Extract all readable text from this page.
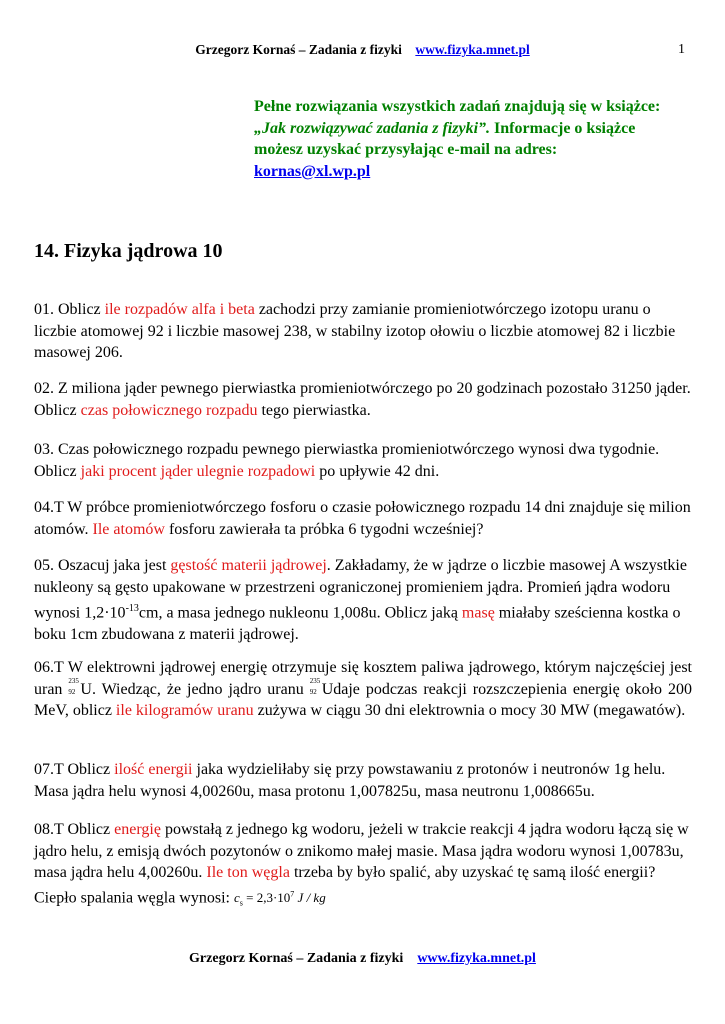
Grzegorz Kornaś – Zadania z fizyki www.fizyka.mnet.pl	1
Pełne rozwiązania wszystkich zadań znajdują się w książce:
„Jak rozwiązywać zadania z fizyki”. Informacje o książce
możesz uzyskać przysyłając e-mail na adres:
kornas@xl.wp.pl
14. Fizyka jądrowa 10
01. Oblicz ile rozpadów alfa i beta zachodzi przy zamianie promieniotwórczego izotopu uranu o liczbie atomowej 92 i liczbie masowej 238, w stabilny izotop ołowiu o liczbie atomowej 82 i liczbie masowej 206.
02. Z miliona jąder pewnego pierwiastka promieniotwórczego po 20 godzinach pozostało 31250 jąder. Oblicz czas połowicznego rozpadu tego pierwiastka.
03. Czas połowicznego rozpadu pewnego pierwiastka promieniotwórczego wynosi dwa tygodnie. Oblicz jaki procent jąder ulegnie rozpadowi po upływie 42 dni.
04.T W próbce promieniotwórczego fosforu o czasie połowicznego rozpadu 14 dni znajduje się milion atomów. Ile atomów fosforu zawierała ta próbka 6 tygodni wcześniej?
05. Oszacuj jaka jest gęstość materii jądrowej. Zakładamy, że w jądrze o liczbie masowej A wszystkie nukleony są gęsto upakowane w przestrzeni ograniczonej promieniem jądra. Promień jądra wodoru wynosi $1,2\cdot 10^{-13}cm$, a masa jednego nukleonu 1,008u. Oblicz jaką masę miałaby sześcienna kostka o boku 1cm zbudowana z materii jądrowej.
06.T W elektrowni jądrowej energię otrzymuje się kosztem paliwa jądrowego, którym najczęściej jest uran 235
92 U. Wiedząc, że jedno jądro uranu 235
92 Udaje podczas reakcji rozszczepienia energię około 200 MeV, oblicz ile kilogramów uranu zużywa w ciągu 30 dni elektrownia o mocy 30 MW (megawatów).
07.T Oblicz ilość energii jaka wydzieliłaby się przy powstawaniu z protonów i neutronów 1g helu. Masa jądra helu wynosi 4,00260u, masa protonu 1,007825u, masa neutronu 1,008665u.
08.T Oblicz energię powstałą z jednego kg wodoru, jeżeli w trakcie reakcji 4 jądra wodoru łączą się w jądro helu, z emisją dwóch pozytonów o znikomo małej masie. Masa jądra wodoru wynosi 1,00783u, masa jądra helu 4,00260u. Ile ton węgla trzeba by było spalić, aby uzyskać tę samą ilość energii? Ciepło spalania węgla wynosi: $c_s = 2,3\cdot 10^7$ J / kg
Grzegorz Kornaś – Zadania z fizyki www.fizyka.mnet.pl
